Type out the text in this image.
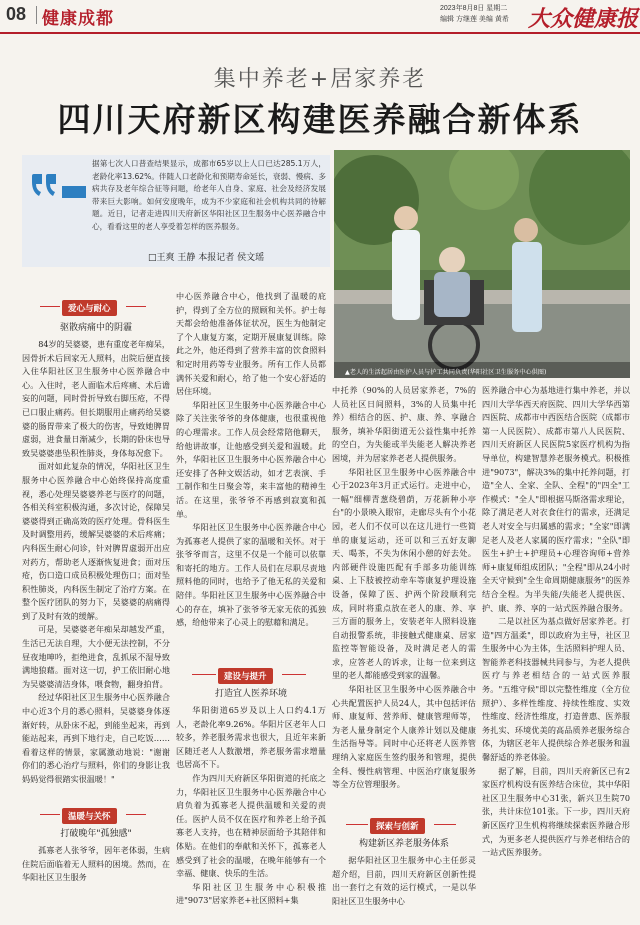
08 健康成都
2023年8月8日 星期二
编辑 方继莲 美编 黄希 大众健康报
集中养老+居家养老
四川天府新区构建医养融合新体系
据第七次人口普查结果显示，成都市65岁以上人口已达285.1万人，老龄化率13.62%。伴随人口老龄化和预期寿命延长，衰弱、慢病、多病共存及老年综合征等问题，给老年人自身、家庭、社会及经济发展带来巨大影响。如何安度晚年，成为不少家庭和社会机构共同的待解题。近日，记者走进四川天府新区华阳社区卫生服务中心医养融合中心，看看这里的老人享受着怎样的医养服务。
□王爽 王静 本报记者 侯文瑶
▲老人的生活起居由医护人员与护工共同负责(华阳社区卫生服务中心供图)
爱心与耐心
驱散病痛中的阴霾

84岁的吴婆婆，患有重度老年痴呆，因骨折术后回家无人照料，出院后便直接入住华阳社区卫生服务中心医养融合中心。入住时，老人面临术后疼痛、术后谵妄的问题，同时骨折导致右脚压疮，不得已口服止痛药。但长期服用止痛药给吴婆婆的肠胃带来了极大的伤害，导致她脾胃虚弱，进食量日渐减少，长期的卧床也导致吴婆婆患坠积性肺炎，身体每况愈下。

面对如此复杂的情况，华阳社区卫生服务中心医养融合中心始终保持高度重视，悉心处理吴婆婆养老与医疗的问题，各相关科室积极沟通，多次讨论，保障吴婆婆得到正确高效的医疗处理。骨科医生及时调整用药，缓解吴婆婆的术后疼痛；内科医生耐心问诊，针对脾胃虚弱开出应对药方，帮助老人逐渐恢复进食；面对压疮，伤口造口成员积极处理伤口；面对坠积性肺炎，内科医生制定了治疗方案。在整个医疗团队的努力下，吴婆婆的病痛得到了及时有效的缓解。

可是，吴婆婆老年痴呆却越发严重，生活已无法自理，大小便无法控制，不分昼夜地呻吟，拒绝进食，乱抓尿不湿导致满地狼藉。面对这一切，护工依旧耐心地为吴婆婆清洁身体，喂食物，翻身拍背。

经过华阳社区卫生服务中心医养融合中心近3个月的悉心照料，吴婆婆身体逐渐好转，从卧床不起，到能坐起来，再到能站起来，再到下地行走，自己吃饭……看着这样的情景，家属激动地说："谢谢你们的悉心治疗与照料，你们的身影让我妈妈觉得很踏实很温暖！"

温暖与关怀
打破晚年"孤独感"

孤寡老人张爷爷，因年老体弱，生病住院后面临着无人照料的困境。然而，在华阳社区卫生服务

中心医养融合中心，他找到了温暖的庇护，得到了全方位的照顾和关怀。护士每天都会给他准备体征状况，医生为他制定了个人康复方案，定期开展康复训练。除此之外，他还得到了营养丰富的饮食照料和定时用药等专业服务。所有工作人员都满怀关爱和耐心，给了他一个安心舒适的居住环境。

华阳社区卫生服务中心医养融合中心除了关注张爷爷的身体健康，也很重视他的心理需求。工作人员会经常陪他聊天，给他讲故事，让他感受到关爱和温暖。此外，华阳社区卫生服务中心医养融合中心还安排了各种文娱活动，如才艺表演、手工制作和生日聚会等，来丰富他的精神生活。在这里，张爷爷不再感到寂寞和孤单。

华阳社区卫生服务中心医养融合中心为孤寡老人提供了家的温暖和关怀。对于张爷爷而言，这里不仅是一个能可以依靠和寄托的地方。工作人员们在尽职尽责地照料他的同时，也给予了他无私的关爱和陪伴。华阳社区卫生服务中心医养融合中心的存在，填补了张爷爷无家无依的孤独感，给他带来了心灵上的慰藉和满足。

建设与提升
打造宜人医养环境

华阳街道65岁及以上人口约4.1万人，老龄化率9.26%。华阳片区老年人口较多，养老服务需求也很大，且近年来新区随迁老人人数激增，养老服务需求增量也居高不下。

作为四川天府新区华阳街道的托底之力，华阳社区卫生服务中心医养融合中心肩负着为孤寡老人提供温暖和关爱的责任。医护人员不仅在医疗和养老上给予孤寡老人支持，也在精神层面给予其陪伴和体贴。在他们的奉献和关怀下，孤寡老人感受到了社会的温暖，在晚年能够有一个幸福、健康、快乐的生活。

华阳社区卫生服务中心积极推进"9073"居家养老+社区照料+集

中托养（90%的人员居家养老，7%的人员社区日间照料，3%的人员集中托养）相结合的医、护、康、养、享融合服务，填补华阳街道无公益性集中托养的空白，为失能或半失能老人解决养老困境，并为居家养老老人提供服务。

华阳社区卫生服务中心医养融合中心于2023年3月正式运行。走进中心，一幅"细柳青葱绕碧荫，万花新种小亭台"的小景映入眼帘，走廊尽头有个小花园，老人们不仅可以在这儿进行一些简单的康复运动，还可以和三五好友聊天、喝茶，不失为休闲小憩的好去处。内部硬件设施匹配有手部多功能训练桌、上下肢被控动牵车等康复护理设施设备，保障了医、护两个阶段顺利完成，同时将重点放在老人的康、养、享三方面的服务上，安装老年人照料设施自动报警系统，非接触式健康桌、居家监控等智能设备，及时满足老人的需求，应答老人的诉求，让每一位来到这里的老人都能感受到家的温馨。

华阳社区卫生服务中心医养融合中心共配置医护人员24人，其中包括评估师、康复师、营养师、健康管理师等，为老人量身制定个人康养计划以及健康生活指导等。同时中心还将老人医养管理纳入家庭医生签约服务和管理，提供全科、慢性病管理、中医治疗康复服务等全方位管理服务。

探索与创新
构建新区养老服务体系

据华阳社区卫生服务中心主任彭灵超介绍，目前，四川天府新区创新性提出一套行之有效的运行模式，一是以华阳社区卫生服务中心

医养融合中心为基地进行集中养老，并以四川大学华西天府医院、四川大学华西第四医院、成都市中西医结合医院（成都市第一人民医院）、成都市第八人民医院、四川天府新区人民医院5家医疗机构为指导单位，构建智慧养老服务模式。积极推进"9073"，解决3%的集中托养问题，打造"全人、全家、全队、全程"的"四全"工作模式："全人"即根据马斯洛需求理论，除了满足老人对衣食住行的需求，还满足老人对安全与归属感的需求；"全家"即满足老人及老人家属的医疗需求；"全队"即医生+护士+护理员+心理咨询师+营养师+康复师组成团队；"全程"即从24小时全天守候到"全生命周期健康服务"的医养结合全程。为半失能/失能老人提供医、护、康、养、享的一站式医养融合服务。

二是以社区为基点做好居家养老。打造"四方温柔"，即以政府为主导，社区卫生服务中心为主体，生活照料护理人员、智能养老科技器械共同参与，为老人提供医疗与养老相结合的一站式医养服务。"五维守候"即以完整性维度（全方位照护）、多样性维度、持续性维度、实效性维度、经济性维度，打造普惠、医养服务扎实、环境优美的高品质养老服务综合体，为辖区老年人提供综合养老服务和温馨舒适的养老体验。

据了解，目前，四川天府新区已有2家医疗机构设有医养结合床位，其中华阳社区卫生服务中心31张，新兴卫生院70张，共计床位101张。下一步，四川天府新区医疗卫生机构将继续探索医养融合形式，为更多老人提供医疗与养老相结合的一站式医养服务。
